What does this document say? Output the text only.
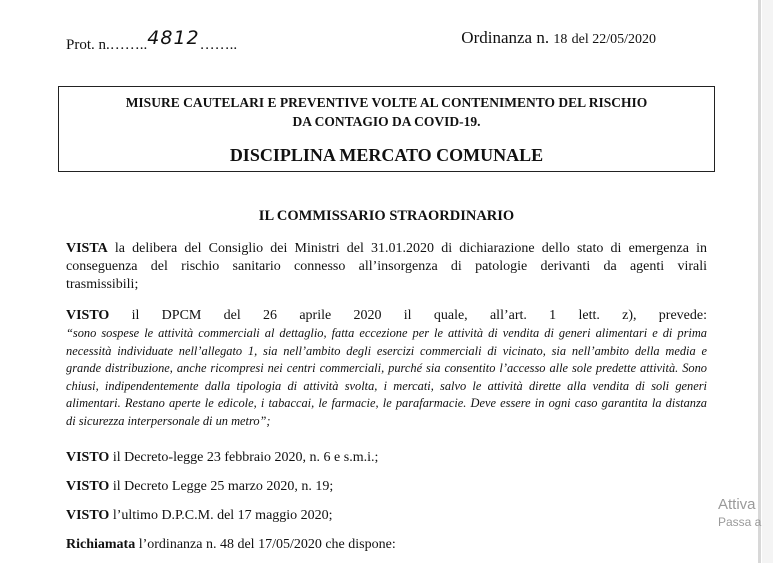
Prot. n.……..4812……..	Ordinanza n. 18 del 22/05/2020
MISURE CAUTELARI E PREVENTIVE VOLTE AL CONTENIMENTO DEL RISCHIO
DA CONTAGIO DA COVID-19.
DISCIPLINA MERCATO COMUNALE
IL COMMISSARIO STRAORDINARIO
VISTA la delibera del Consiglio dei Ministri del 31.01.2020 di dichiarazione dello stato di emergenza in
conseguenza del rischio sanitario connesso all’insorgenza di patologie derivanti da agenti virali
trasmissibili;
VISTO il DPCM del 26 aprile 2020 il quale, all’art. 1 lett. z), prevede:
“sono sospese le attività commerciali al dettaglio, fatta eccezione per le attività di vendita di generi alimentari e di prima
necessità individuate nell’allegato 1, sia nell’ambito degli esercizi commerciali di vicinato, sia nell’ambito della media e
grande distribuzione, anche ricompresi nei centri commerciali, purché sia consentito l’accesso alle sole predette attività. Sono
chiusi, indipendentemente dalla tipologia di attività svolta, i mercati, salvo le attività dirette alla vendita di soli generi
alimentari. Restano aperte le edicole, i tabaccai, le farmacie, le parafarmacie. Deve essere in ogni caso garantita la distanza
di sicurezza interpersonale di un metro”;
VISTO il Decreto-legge 23 febbraio 2020, n. 6 e s.m.i.;
VISTO il Decreto Legge 25 marzo 2020, n. 19;
VISTO l’ultimo D.P.C.M. del 17 maggio 2020;
Richiamata l’ordinanza n. 48 del 17/05/2020 che dispone:
Attiva
Passa a
